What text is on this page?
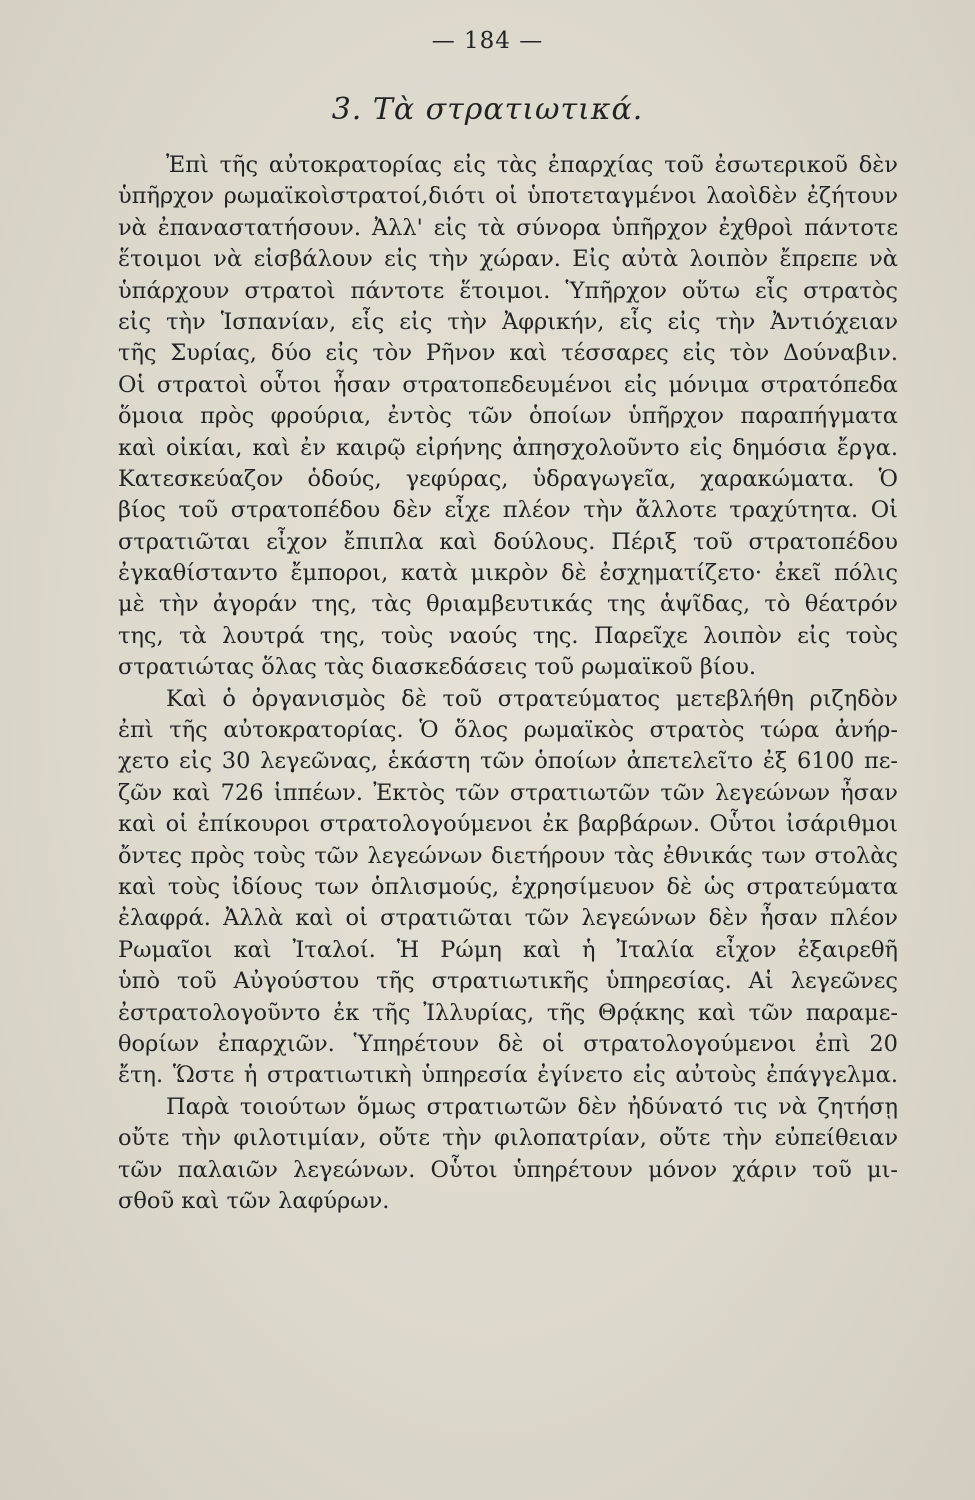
— 184 —
3. Τὰ στρατιωτικά.
Ἐπὶ τῆς αὐτοκρατορίας εἰς τὰς ἐπαρχίας τοῦ ἐσωτερικοῦ δὲν
ὑπῆρχον ρωμαϊκοὶστρατοί,διότι οἱ ὑποτεταγμένοι λαοὶδὲν ἐζήτουν
νὰ ἐπαναστατήσουν. Ἀλλ' εἰς τὰ σύνορα ὑπῆρχον ἐχθροὶ πάντοτε
ἕτοιμοι νὰ εἰσβάλουν εἰς τὴν χώραν. Εἰς αὐτὰ λοιπὸν ἔπρεπε νὰ
ὑπάρχουν στρατοὶ πάντοτε ἕτοιμοι. Ὑπῆρχον οὕτω εἷς στρατὸς
εἰς τὴν Ἱσπανίαν, εἷς εἰς τὴν Ἀφρικήν, εἷς εἰς τὴν Ἀντιόχειαν
τῆς Συρίας, δύο εἰς τὸν Ρῆνον καὶ τέσσαρες εἰς τὸν Δούναβιν.
Οἱ στρατοὶ οὗτοι ἦσαν στρατοπεδευμένοι εἰς μόνιμα στρατόπεδα
ὅμοια πρὸς φρούρια, ἐντὸς τῶν ὁποίων ὑπῆρχον παραπήγματα
καὶ οἰκίαι, καὶ ἐν καιρῷ εἰρήνης ἀπησχολοῦντο εἰς δημόσια ἔργα.
Κατεσκεύαζον ὁδούς, γεφύρας, ὑδραγωγεῖα, χαρακώματα. Ὁ
βίος τοῦ στρατοπέδου δὲν εἶχε πλέον τὴν ἄλλοτε τραχύτητα. Οἱ
στρατιῶται εἶχον ἔπιπλα καὶ δούλους. Πέριξ τοῦ στρατοπέδου
ἐγκαθίσταντο ἔμποροι, κατὰ μικρὸν δὲ ἐσχηματίζετο· ἐκεῖ πόλις
μὲ τὴν ἀγοράν της, τὰς θριαμβευτικάς της ἁψῖδας, τὸ θέατρόν
της, τὰ λουτρά της, τοὺς ναούς της. Παρεῖχε λοιπὸν εἰς τοὺς
στρατιώτας ὅλας τὰς διασκεδάσεις τοῦ ρωμαϊκοῦ βίου.
Καὶ ὁ ὀργανισμὸς δὲ τοῦ στρατεύματος μετεβλήθη ριζηδὸν
ἐπὶ τῆς αὐτοκρατορίας. Ὁ ὅλος ρωμαϊκὸς στρατὸς τώρα ἀνήρ-
χετο εἰς 30 λεγεῶνας, ἑκάστη τῶν ὁποίων ἀπετελεῖτο ἐξ 6100 πε-
ζῶν καὶ 726 ἱππέων. Ἐκτὸς τῶν στρατιωτῶν τῶν λεγεώνων ἦσαν
καὶ οἱ ἐπίκουροι στρατολογούμενοι ἐκ βαρβάρων. Οὗτοι ἰσάριθμοι
ὄντες πρὸς τοὺς τῶν λεγεώνων διετήρουν τὰς ἐθνικάς των στολὰς
καὶ τοὺς ἰδίους των ὁπλισμούς, ἐχρησίμευον δὲ ὡς στρατεύματα
ἐλαφρά. Ἀλλὰ καὶ οἱ στρατιῶται τῶν λεγεώνων δὲν ἦσαν πλέον
Ρωμαῖοι καὶ Ἰταλοί. Ἡ Ρώμη καὶ ἡ Ἰταλία εἶχον ἐξαιρεθῆ
ὑπὸ τοῦ Αὐγούστου τῆς στρατιωτικῆς ὑπηρεσίας. Αἱ λεγεῶνες
ἐστρατολογοῦντο ἐκ τῆς Ἰλλυρίας, τῆς Θρᾴκης καὶ τῶν παραμε-
θορίων ἐπαρχιῶν. Ὑπηρέτουν δὲ οἱ στρατολογούμενοι ἐπὶ 20
ἔτη. Ὥστε ἡ στρατιωτικὴ ὑπηρεσία ἐγίνετο εἰς αὐτοὺς ἐπάγγελμα.
Παρὰ τοιούτων ὅμως στρατιωτῶν δὲν ἠδύνατό τις νὰ ζητήσῃ
οὔτε τὴν φιλοτιμίαν, οὔτε τὴν φιλοπατρίαν, οὔτε τὴν εὐπείθειαν
τῶν παλαιῶν λεγεώνων. Οὗτοι ὑπηρέτουν μόνον χάριν τοῦ μι-
σθοῦ καὶ τῶν λαφύρων.
